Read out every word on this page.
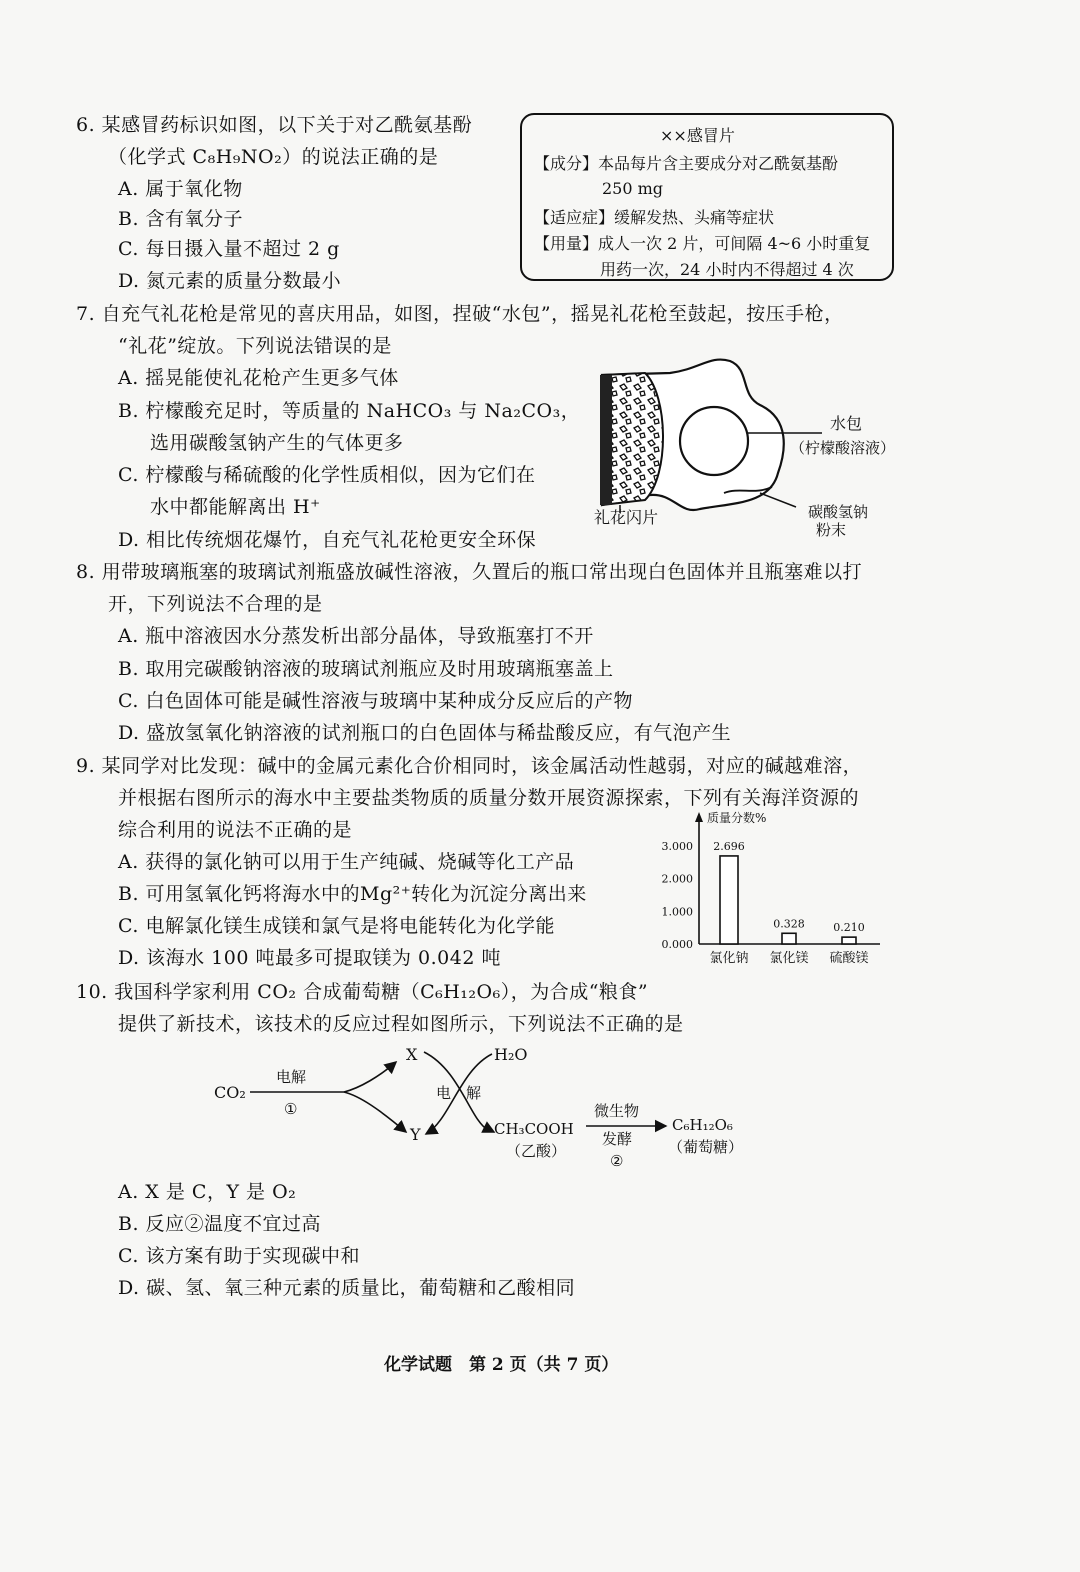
6. 某感冒药标识如图，以下关于对乙酰氨基酚
（化学式 C₈H₉NO₂）的说法正确的是
A. 属于氧化物
B. 含有氧分子
C. 每日摄入量不超过 2 g
D. 氮元素的质量分数最小
××感冒片
【成分】本品每片含主要成分对乙酰氨基酚
250 mg
【适应症】缓解发热、头痛等症状
【用量】成人一次 2 片，可间隔 4~6 小时重复
用药一次，24 小时内不得超过 4 次
7. 自充气礼花枪是常见的喜庆用品，如图，捏破“水包”，摇晃礼花枪至鼓起，按压手枪，
“礼花”绽放。下列说法错误的是
A. 摇晃能使礼花枪产生更多气体
B. 柠檬酸充足时，等质量的 NaHCO₃ 与 Na₂CO₃，
选用碳酸氢钠产生的气体更多
C. 柠檬酸与稀硫酸的化学性质相似，因为它们在
水中都能解离出 H⁺
D. 相比传统烟花爆竹，自充气礼花枪更安全环保
水包
（柠檬酸溶液）
礼花闪片	碳酸氢钠
粉末
8. 用带玻璃瓶塞的玻璃试剂瓶盛放碱性溶液，久置后的瓶口常出现白色固体并且瓶塞难以打
开，下列说法不合理的是
A. 瓶中溶液因水分蒸发析出部分晶体，导致瓶塞打不开
B. 取用完碳酸钠溶液的玻璃试剂瓶应及时用玻璃瓶塞盖上
C. 白色固体可能是碱性溶液与玻璃中某种成分反应后的产物
D. 盛放氢氧化钠溶液的试剂瓶口的白色固体与稀盐酸反应，有气泡产生
9. 某同学对比发现：碱中的金属元素化合价相同时，该金属活动性越弱，对应的碱越难溶，
并根据右图所示的海水中主要盐类物质的质量分数开展资源探索，下列有关海洋资源的
综合利用的说法不正确的是
A. 获得的氯化钠可以用于生产纯碱、烧碱等化工产品
B. 可用氢氧化钙将海水中的Mg²⁺转化为沉淀分离出来
C. 电解氯化镁生成镁和氯气是将电能转化为化学能
D. 该海水 100 吨最多可提取镁为 0.042 吨
质量分数%
0.000
1.000
2.000
3.000 2.696
氯化钠
0.328
氯化镁
0.210
硫酸镁
10. 我国科学家利用 CO₂ 合成葡萄糖（C₆H₁₂O₆），为合成“粮食”
提供了新技术，该技术的反应过程如图所示，下列说法不正确的是
CO₂
电解
①
X
Y
H₂O
电 解
CH₃COOH
（乙酸）
微生物
发酵
②
C₆H₁₂O₆
（葡萄糖）
A. X 是 C，Y 是 O₂
B. 反应②温度不宜过高
C. 该方案有助于实现碳中和
D. 碳、氢、氧三种元素的质量比，葡萄糖和乙酸相同
化学试题　第 2 页（共 7 页）
